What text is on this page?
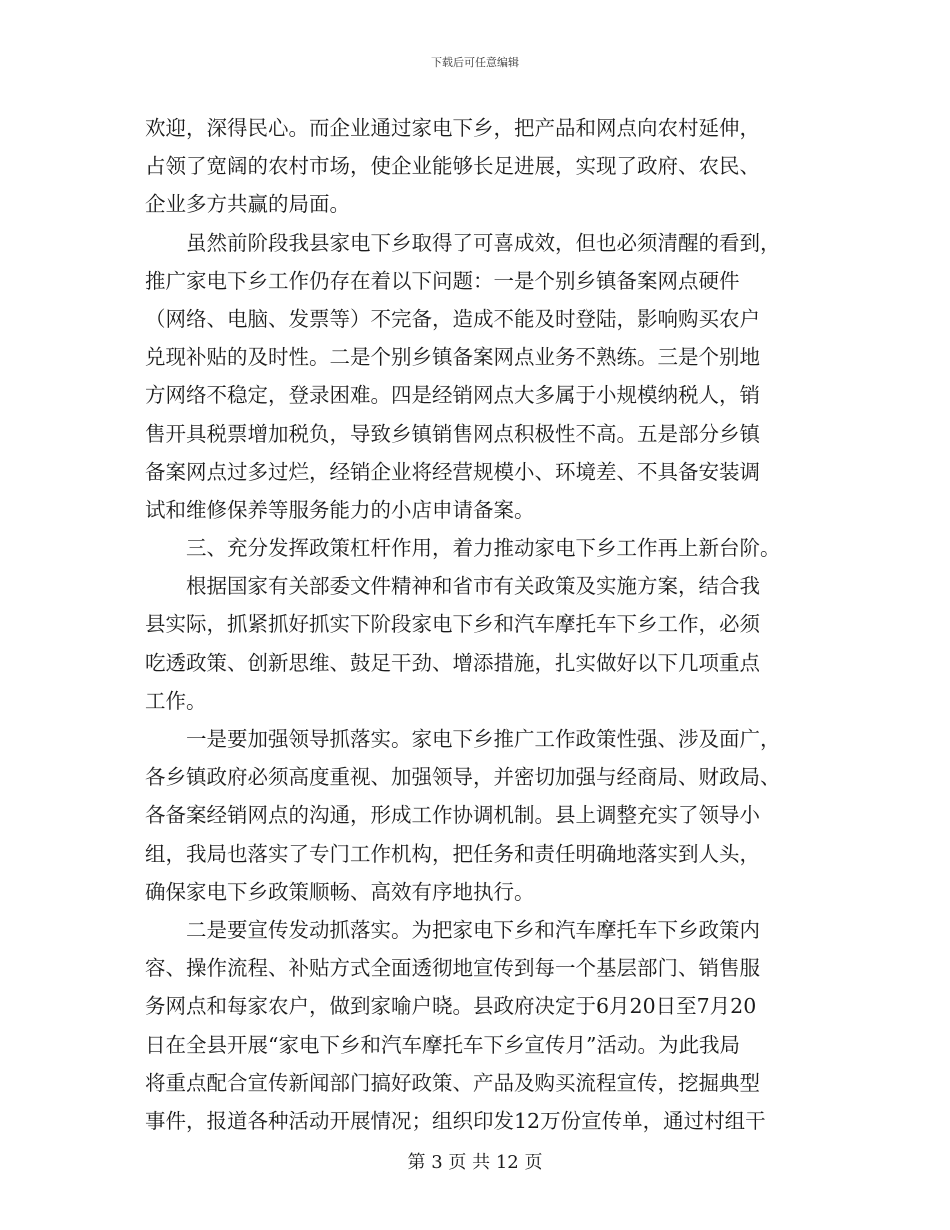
下载后可任意编辑
欢迎，深得民心。而企业通过家电下乡，把产品和网点向农村延伸，
占领了宽阔的农村市场，使企业能够长足进展，实现了政府、农民、
企业多方共赢的局面。
虽然前阶段我县家电下乡取得了可喜成效，但也必须清醒的看到，
推广家电下乡工作仍存在着以下问题：一是个别乡镇备案网点硬件
（网络、电脑、发票等）不完备，造成不能及时登陆，影响购买农户
兑现补贴的及时性。二是个别乡镇备案网点业务不熟练。三是个别地
方网络不稳定，登录困难。四是经销网点大多属于小规模纳税人，销
售开具税票增加税负，导致乡镇销售网点积极性不高。五是部分乡镇
备案网点过多过烂，经销企业将经营规模小、环境差、不具备安装调
试和维修保养等服务能力的小店申请备案。
三、充分发挥政策杠杆作用，着力推动家电下乡工作再上新台阶。
根据国家有关部委文件精神和省市有关政策及实施方案，结合我
县实际，抓紧抓好抓实下阶段家电下乡和汽车摩托车下乡工作，必须
吃透政策、创新思维、鼓足干劲、增添措施，扎实做好以下几项重点
工作。
一是要加强领导抓落实。家电下乡推广工作政策性强、涉及面广，
各乡镇政府必须高度重视、加强领导，并密切加强与经商局、财政局、
各备案经销网点的沟通，形成工作协调机制。县上调整充实了领导小
组，我局也落实了专门工作机构，把任务和责任明确地落实到人头，
确保家电下乡政策顺畅、高效有序地执行。
二是要宣传发动抓落实。为把家电下乡和汽车摩托车下乡政策内
容、操作流程、补贴方式全面透彻地宣传到每一个基层部门、销售服
务网点和每家农户，做到家喻户晓。县政府决定于6月20日至7月20
日在全县开展“家电下乡和汽车摩托车下乡宣传月”活动。为此我局
将重点配合宣传新闻部门搞好政策、产品及购买流程宣传，挖掘典型
事件，报道各种活动开展情况；组织印发12万份宣传单，通过村组干
第 3 页 共 12 页
